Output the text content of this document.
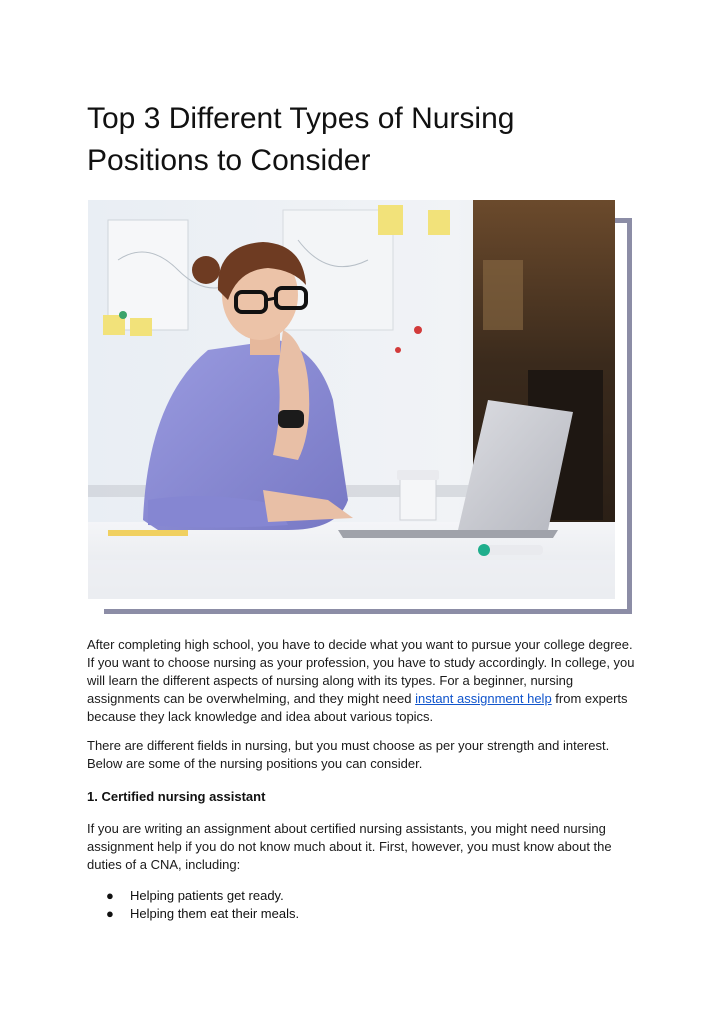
Top 3 Different Types of Nursing
Positions to Consider

After completing high school, you have to decide what you want to pursue your college degree. If you want to choose nursing as your profession, you have to study accordingly. In college, you will learn the different aspects of nursing along with its types. For a beginner, nursing assignments can be overwhelming, and they might need instant assignment help from experts because they lack knowledge and idea about various topics.

There are different fields in nursing, but you must choose as per your strength and interest. Below are some of the nursing positions you can consider.

1. Certified nursing assistant

If you are writing an assignment about certified nursing assistants, you might need nursing assignment help if you do not know much about it. First, however, you must know about the duties of a CNA, including:

● Helping patients get ready.
● Helping them eat their meals.
